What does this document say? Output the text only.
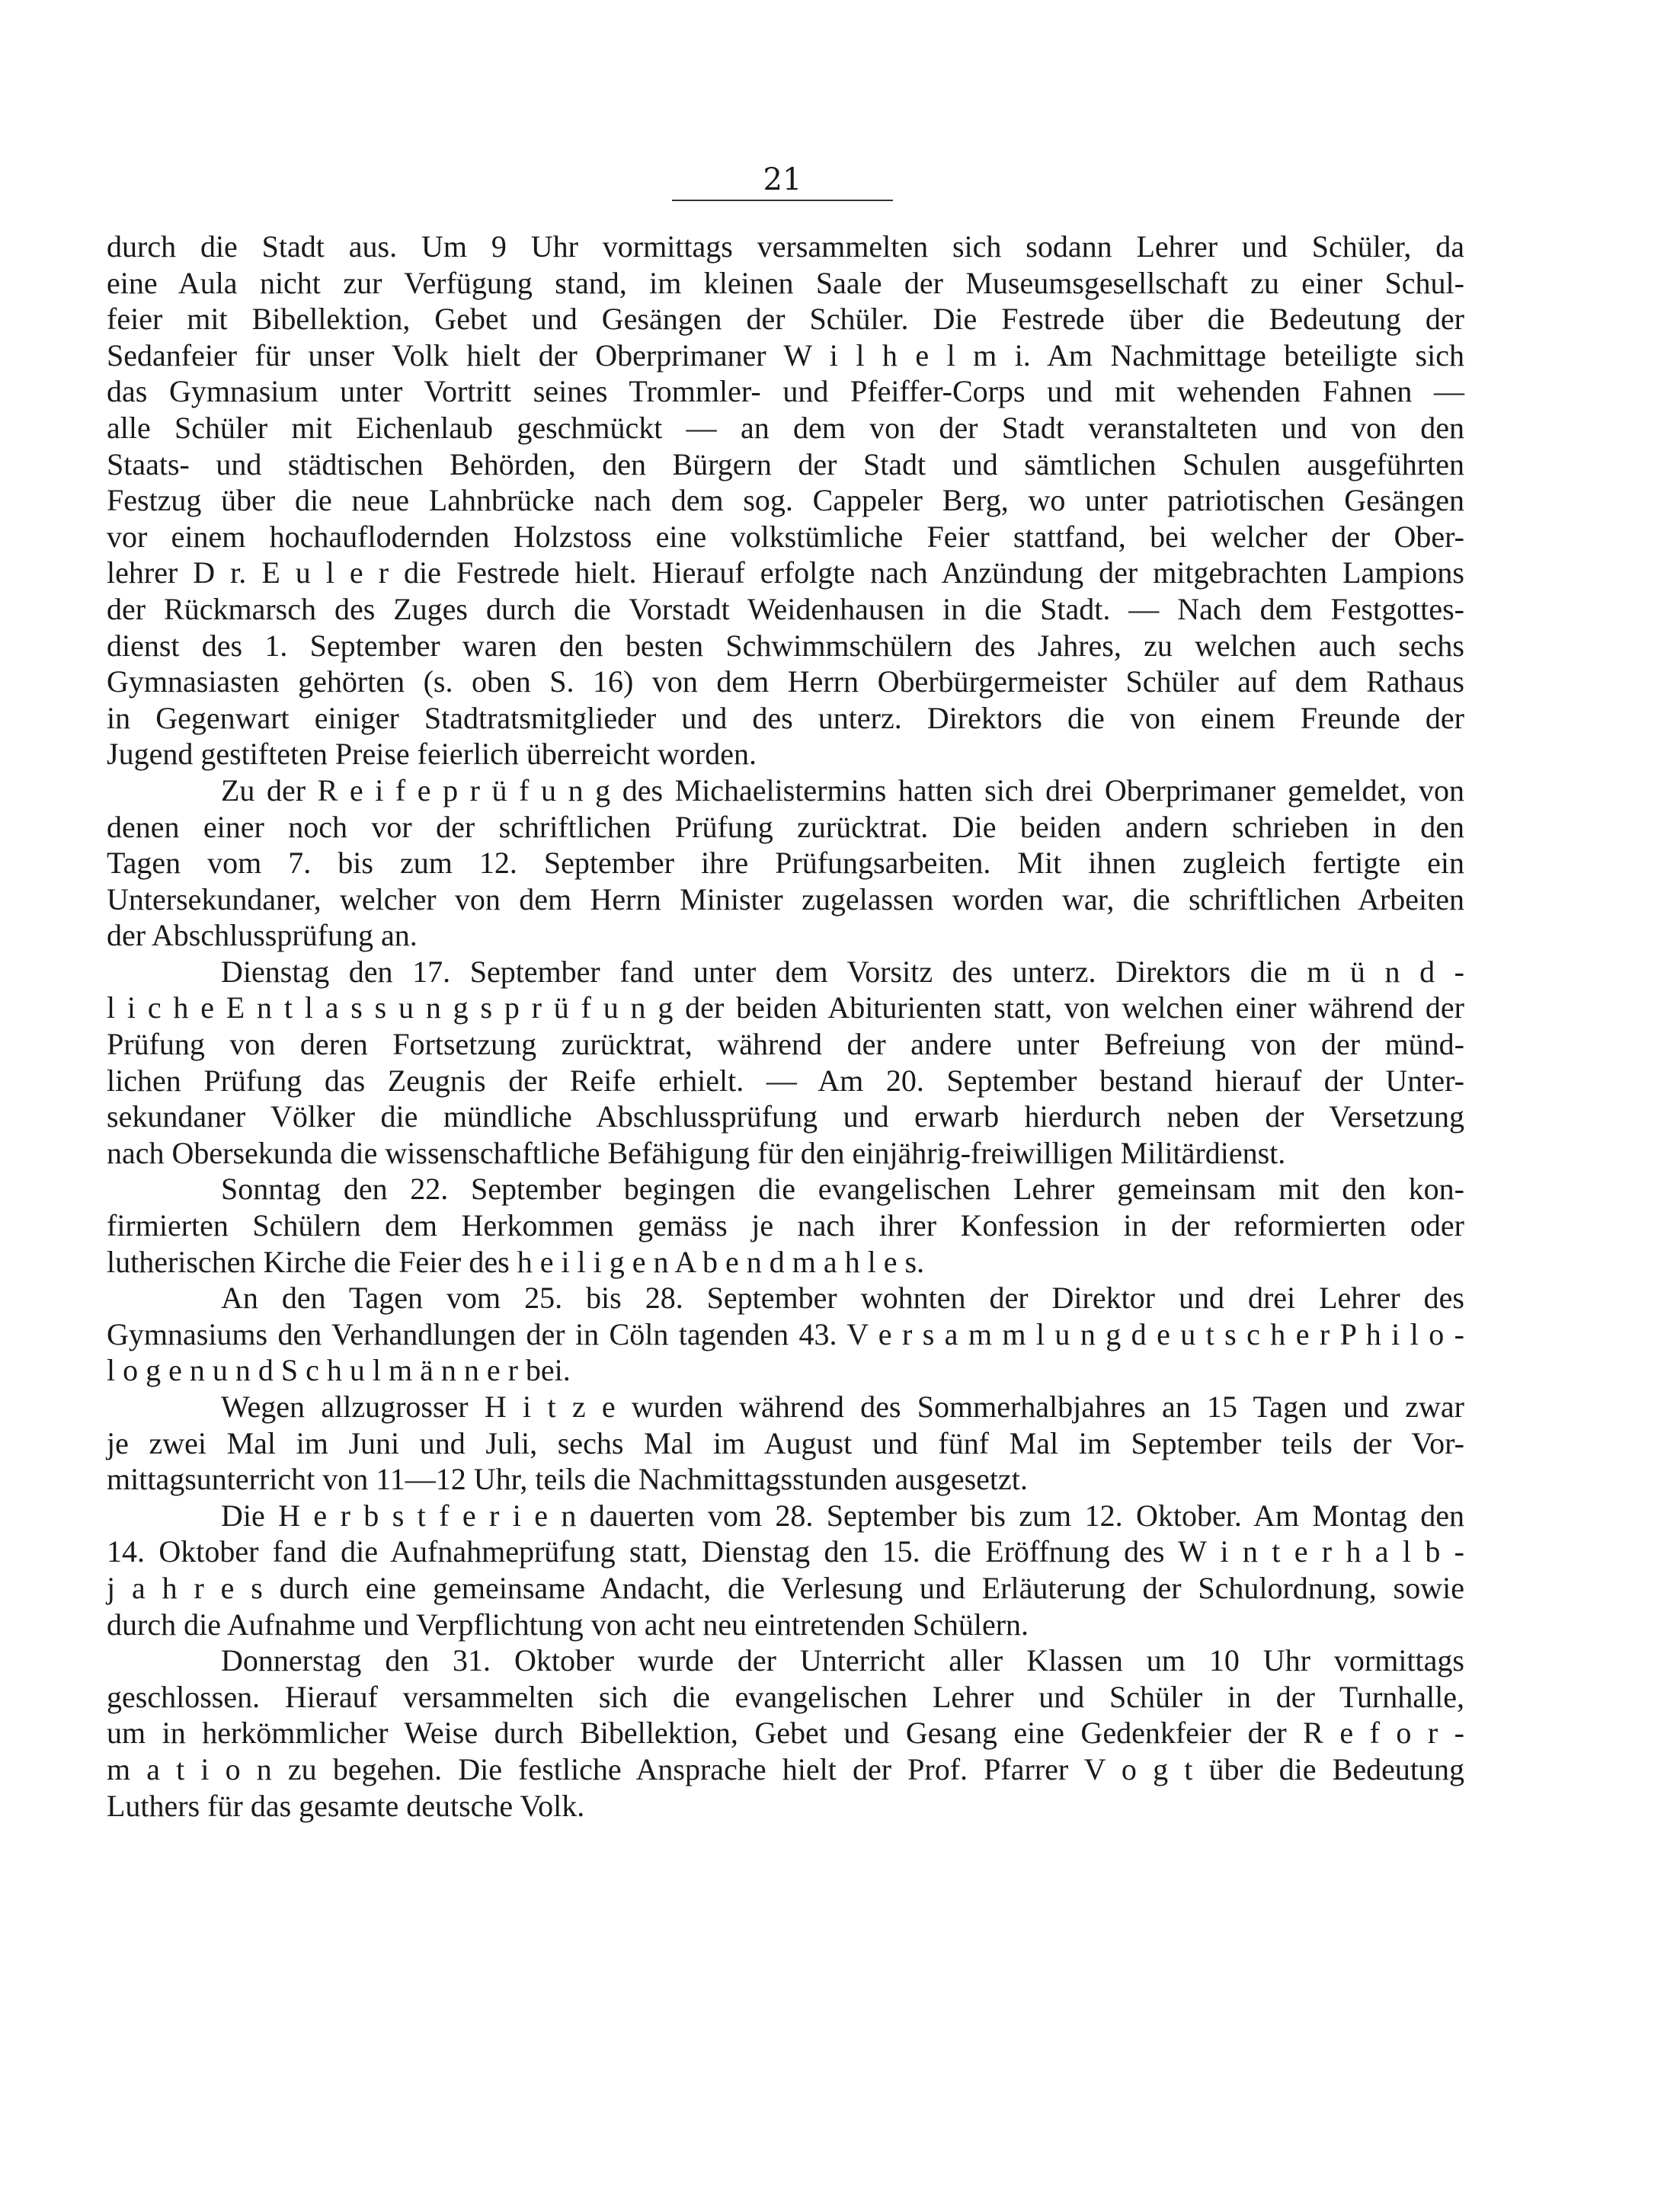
21
durch die Stadt aus. Um 9 Uhr vormittags versammelten sich sodann Lehrer und Schüler, da
eine Aula nicht zur Verfügung stand, im kleinen Saale der Museumsgesellschaft zu einer Schul-
feier mit Bibellektion, Gebet und Gesängen der Schüler. Die Festrede über die Bedeutung der
Sedanfeier für unser Volk hielt der Oberprimaner W i l h e l m i. Am Nachmittage beteiligte sich
das Gymnasium unter Vortritt seines Trommler- und Pfeiffer-Corps und mit wehenden Fahnen —
alle Schüler mit Eichenlaub geschmückt — an dem von der Stadt veranstalteten und von den
Staats- und städtischen Behörden, den Bürgern der Stadt und sämtlichen Schulen ausgeführten
Festzug über die neue Lahnbrücke nach dem sog. Cappeler Berg, wo unter patriotischen Gesängen
vor einem hochauflodernden Holzstoss eine volkstümliche Feier stattfand, bei welcher der Ober-
lehrer D r. E u l e r die Festrede hielt. Hierauf erfolgte nach Anzündung der mitgebrachten Lampions
der Rückmarsch des Zuges durch die Vorstadt Weidenhausen in die Stadt. — Nach dem Festgottes-
dienst des 1. September waren den besten Schwimmschülern des Jahres, zu welchen auch sechs
Gymnasiasten gehörten (s. oben S. 16) von dem Herrn Oberbürgermeister Schüler auf dem Rathaus
in Gegenwart einiger Stadtratsmitglieder und des unterz. Direktors die von einem Freunde der
Jugend gestifteten Preise feierlich überreicht worden.
Zu der R e i f e p r ü f u n g des Michaelistermins hatten sich drei Oberprimaner gemeldet, von
denen einer noch vor der schriftlichen Prüfung zurücktrat. Die beiden andern schrieben in den
Tagen vom 7. bis zum 12. September ihre Prüfungsarbeiten. Mit ihnen zugleich fertigte ein
Untersekundaner, welcher von dem Herrn Minister zugelassen worden war, die schriftlichen Arbeiten
der Abschlussprüfung an.
Dienstag den 17. September fand unter dem Vorsitz des unterz. Direktors die m ü n d -
l i c h e E n t l a s s u n g s p r ü f u n g der beiden Abiturienten statt, von welchen einer während der
Prüfung von deren Fortsetzung zurücktrat, während der andere unter Befreiung von der münd-
lichen Prüfung das Zeugnis der Reife erhielt. — Am 20. September bestand hierauf der Unter-
sekundaner Völker die mündliche Abschlussprüfung und erwarb hierdurch neben der Versetzung
nach Obersekunda die wissenschaftliche Befähigung für den einjährig-freiwilligen Militärdienst.
Sonntag den 22. September begingen die evangelischen Lehrer gemeinsam mit den kon-
firmierten Schülern dem Herkommen gemäss je nach ihrer Konfession in der reformierten oder
lutherischen Kirche die Feier des h e i l i g e n A b e n d m a h l e s.
An den Tagen vom 25. bis 28. September wohnten der Direktor und drei Lehrer des
Gymnasiums den Verhandlungen der in Cöln tagenden 43. V e r s a m m l u n g d e u t s c h e r P h i l o -
l o g e n u n d S c h u l m ä n n e r bei.
Wegen allzugrosser H i t z e wurden während des Sommerhalbjahres an 15 Tagen und zwar
je zwei Mal im Juni und Juli, sechs Mal im August und fünf Mal im September teils der Vor-
mittagsunterricht von 11—12 Uhr, teils die Nachmittagsstunden ausgesetzt.
Die H e r b s t f e r i e n dauerten vom 28. September bis zum 12. Oktober. Am Montag den
14. Oktober fand die Aufnahmeprüfung statt, Dienstag den 15. die Eröffnung des W i n t e r h a l b -
j a h r e s durch eine gemeinsame Andacht, die Verlesung und Erläuterung der Schulordnung, sowie
durch die Aufnahme und Verpflichtung von acht neu eintretenden Schülern.
Donnerstag den 31. Oktober wurde der Unterricht aller Klassen um 10 Uhr vormittags
geschlossen. Hierauf versammelten sich die evangelischen Lehrer und Schüler in der Turnhalle,
um in herkömmlicher Weise durch Bibellektion, Gebet und Gesang eine Gedenkfeier der R e f o r -
m a t i o n zu begehen. Die festliche Ansprache hielt der Prof. Pfarrer V o g t über die Bedeutung
Luthers für das gesamte deutsche Volk.
